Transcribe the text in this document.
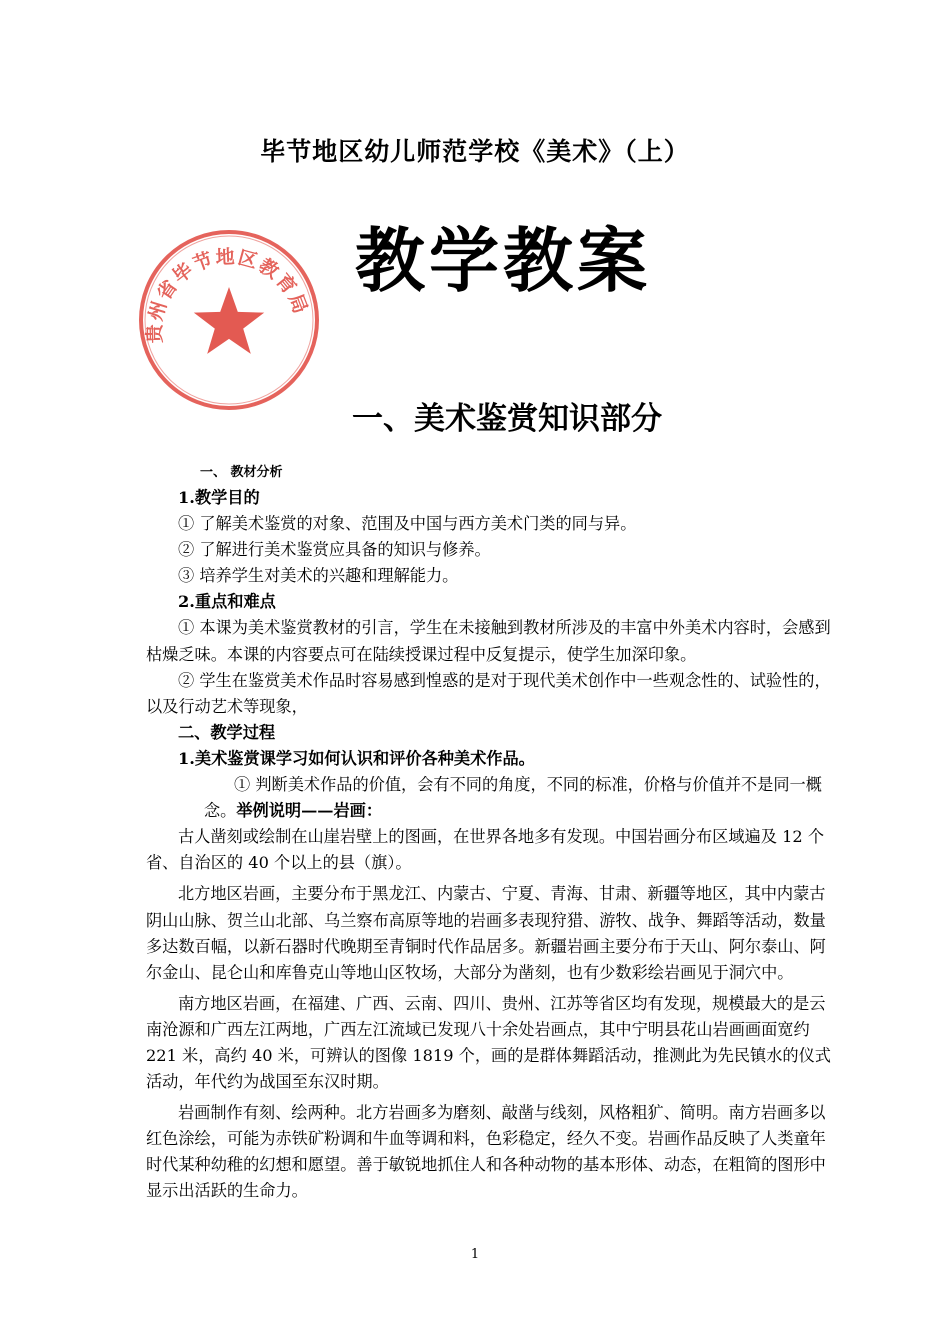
毕节地区幼儿师范学校《美术》（上）
贵州省毕节地区教育局
教学教案
一、美术鉴赏知识部分

一、 教材分析

1.教学目的

① 了解美术鉴赏的对象、范围及中国与西方美术门类的同与异。

② 了解进行美术鉴赏应具备的知识与修养。

③ 培养学生对美术的兴趣和理解能力。

2.重点和难点

① 本课为美术鉴赏教材的引言，学生在未接触到教材所涉及的丰富中外美术内容时，会感到枯燥乏味。本课的内容要点可在陆续授课过程中反复提示，使学生加深印象。

② 学生在鉴赏美术作品时容易感到惶惑的是对于现代美术创作中一些观念性的、试验性的，以及行动艺术等现象，

二、教学过程

1.美术鉴赏课学习如何认识和评价各种美术作品。

① 判断美术作品的价值，会有不同的角度，不同的标准，价格与价值并不是同一概念。举例说明——岩画：

古人凿刻或绘制在山崖岩壁上的图画，在世界各地多有发现。中国岩画分布区域遍及 12 个省、自治区的 40 个以上的县（旗）。

北方地区岩画，主要分布于黑龙江、内蒙古、宁夏、青海、甘肃、新疆等地区，其中内蒙古阴山山脉、贺兰山北部、乌兰察布高原等地的岩画多表现狩猎、游牧、战争、舞蹈等活动，数量多达数百幅，以新石器时代晚期至青铜时代作品居多。新疆岩画主要分布于天山、阿尔泰山、阿尔金山、昆仑山和库鲁克山等地山区牧场，大部分为凿刻，也有少数彩绘岩画见于洞穴中。

南方地区岩画，在福建、广西、云南、四川、贵州、江苏等省区均有发现，规模最大的是云南沧源和广西左江两地，广西左江流域已发现八十余处岩画点，其中宁明县花山岩画画面宽约 221 米，高约 40 米，可辨认的图像 1819 个，画的是群体舞蹈活动，推测此为先民镇水的仪式活动，年代约为战国至东汉时期。

岩画制作有刻、绘两种。北方岩画多为磨刻、敲凿与线刻，风格粗犷、简明。南方岩画多以红色涂绘，可能为赤铁矿粉调和牛血等调和料，色彩稳定，经久不变。岩画作品反映了人类童年时代某种幼稚的幻想和愿望。善于敏锐地抓住人和各种动物的基本形体、动态，在粗简的图形中显示出活跃的生命力。

1
